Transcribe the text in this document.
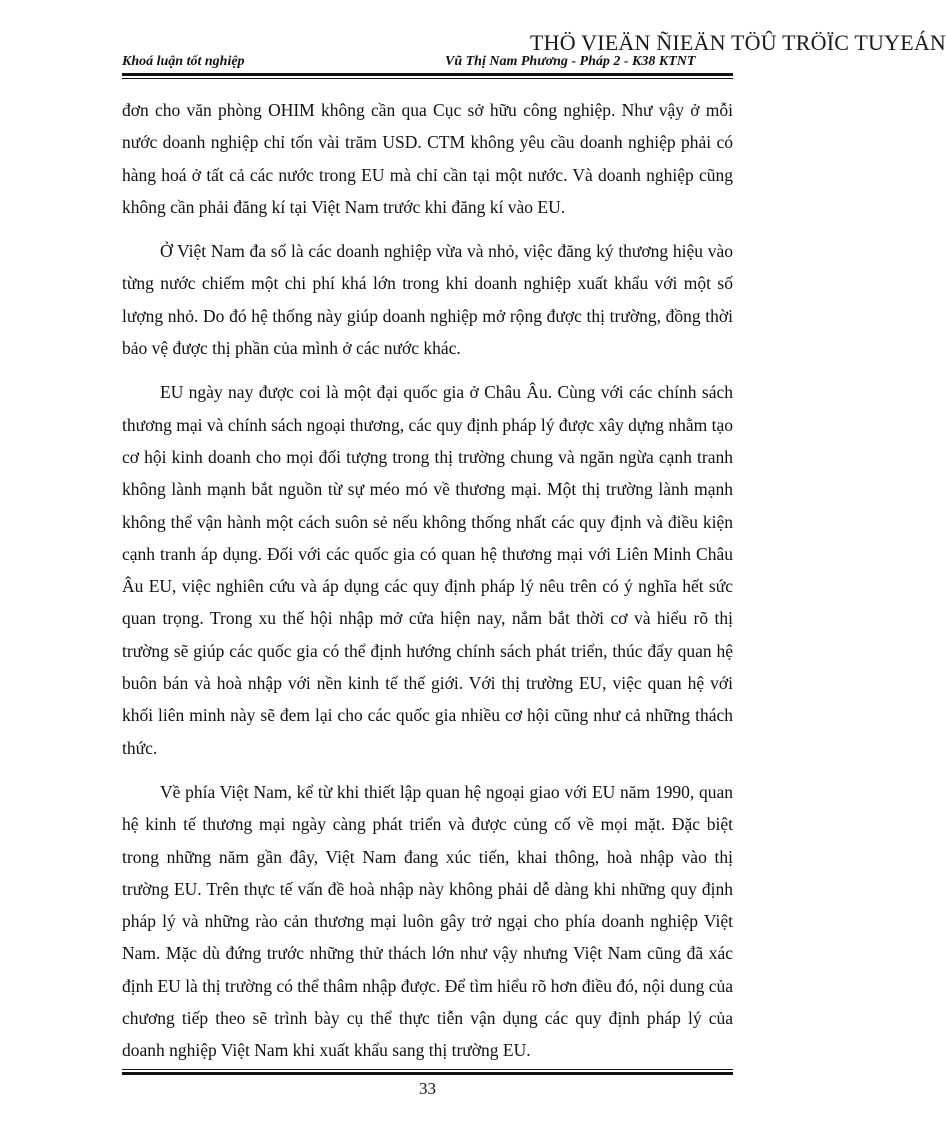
THÖ VIEÄN ÑIEÄN TÖÛ TRÖÏC TUYEÁN
Khoá luận tốt nghiệp	Vũ Thị Nam Phương - Pháp 2 - K38 KTNT

đơn cho văn phòng OHIM không cần qua Cục sở hữu công nghiệp. Như vậy ở mỗi nước doanh nghiệp chỉ tốn vài trăm USD. CTM không yêu cầu doanh nghiệp phải có hàng hoá ở tất cả các nước trong EU mà chỉ cần tại một nước. Và doanh nghiệp cũng không cần phải đăng kí tại Việt Nam trước khi đăng kí vào EU.

Ở Việt Nam đa số là các doanh nghiệp vừa và nhỏ, việc đăng ký thương hiệu vào từng nước chiếm một chi phí khá lớn trong khi doanh nghiệp xuất khẩu với một số lượng nhỏ. Do đó hệ thống này giúp doanh nghiệp mở rộng được thị trường, đồng thời bảo vệ được thị phần của mình ở các nước khác.

EU ngày nay được coi là một đại quốc gia ở Châu Âu. Cùng với các chính sách thương mại và chính sách ngoại thương, các quy định pháp lý được xây dựng nhằm tạo cơ hội kinh doanh cho mọi đối tượng trong thị trường chung và ngăn ngừa cạnh tranh không lành mạnh bắt nguồn từ sự méo mó về thương mại. Một thị trường lành mạnh không thể vận hành một cách suôn sẻ nếu không thống nhất các quy định và điều kiện cạnh tranh áp dụng. Đối với các quốc gia có quan hệ thương mại với Liên Minh Châu Âu EU, việc nghiên cứu và áp dụng các quy định pháp lý nêu trên có ý nghĩa hết sức quan trọng. Trong xu thế hội nhập mở cửa hiện nay, nắm bắt thời cơ và hiểu rõ thị trường sẽ giúp các quốc gia có thể định hướng chính sách phát triển, thúc đẩy quan hệ buôn bán và hoà nhập với nền kinh tế thế giới. Với thị trường EU, việc quan hệ với khối liên minh này sẽ đem lại cho các quốc gia nhiều cơ hội cũng như cả những thách thức.

Về phía Việt Nam, kể từ khi thiết lập quan hệ ngoại giao với EU năm 1990, quan hệ kinh tế thương mại ngày càng phát triển và được củng cố về mọi mặt. Đặc biệt trong những năm gần đây, Việt Nam đang xúc tiến, khai thông, hoà nhập vào thị trường EU. Trên thực tế vấn đề hoà nhập này không phải dễ dàng khi những quy định pháp lý và những rào cản thương mại luôn gây trở ngại cho phía doanh nghiệp Việt Nam. Mặc dù đứng trước những thử thách lớn như vậy nhưng Việt Nam cũng đã xác định EU là thị trường có thể thâm nhập được. Để tìm hiểu rõ hơn điều đó, nội dung của chương tiếp theo sẽ trình bày cụ thể thực tiễn vận dụng các quy định pháp lý của doanh nghiệp Việt Nam khi xuất khẩu sang thị trường EU.

33
